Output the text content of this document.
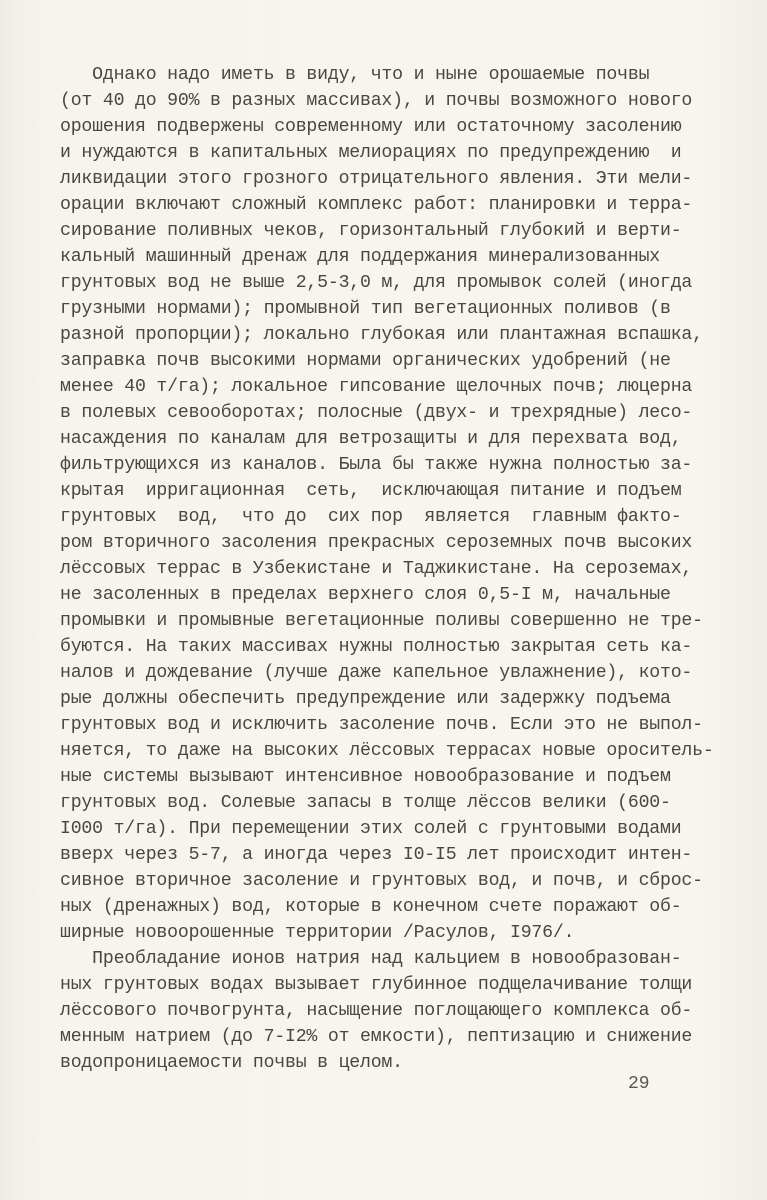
Однако надо иметь в виду, что и ныне орошаемые почвы
(от 40 до 90% в разных массивах), и почвы возможного нового
орошения подвержены современному или остаточному засолению
и нуждаются в капитальных мелиорациях по предупреждению  и
ликвидации этого грозного отрицательного явления. Эти мели-
орации включают сложный комплекс работ: планировки и терра-
сирование поливных чеков, горизонтальный глубокий и верти-
кальный машинный дренаж для поддержания минерализованных
грунтовых вод не выше 2,5-3,0 м, для промывок солей (иногда
грузными нормами); промывной тип вегетационных поливов (в
разной пропорции); локально глубокая или плантажная вспашка,
заправка почв высокими нормами органических удобрений (не
менее 40 т/га); локальное гипсование щелочных почв; люцерна
в полевых севооборотах; полосные (двух- и трехрядные) лесо-
насаждения по каналам для ветрозащиты и для перехвата вод,
фильтрующихся из каналов. Была бы также нужна полностью за-
крытая  ирригационная  сеть,  исключающая питание и подъем
грунтовых  вод,  что до  сих пор  является  главным факто-
ром вторичного засоления прекрасных сероземных почв высоких
лёссовых террас в Узбекистане и Таджикистане. На сероземах,
не засоленных в пределах верхнего слоя 0,5-I м, начальные
промывки и промывные вегетационные поливы совершенно не тре-
буются. На таких массивах нужны полностью закрытая сеть ка-
налов и дождевание (лучше даже капельное увлажнение), кото-
рые должны обеспечить предупреждение или задержку подъема
грунтовых вод и исключить засоление почв. Если это не выпол-
няется, то даже на высоких лёссовых террасах новые ороситель-
ные системы вызывают интенсивное новообразование и подъем
грунтовых вод. Солевые запасы в толще лёссов велики (600-
I000 т/га). При перемещении этих солей с грунтовыми водами
вверх через 5-7, а иногда через I0-I5 лет происходит интен-
сивное вторичное засоление и грунтовых вод, и почв, и сброс-
ных (дренажных) вод, которые в конечном счете поражают об-
ширные новоорошенные территории /Расулов, I976/.
Преобладание ионов натрия над кальцием в новообразован-
ных грунтовых водах вызывает глубинное подщелачивание толщи
лёссового почвогрунта, насыщение поглощающего комплекса об-
менным натрием (до 7-I2% от емкости), пептизацию и снижение
водопроницаемости почвы в целом.
29
